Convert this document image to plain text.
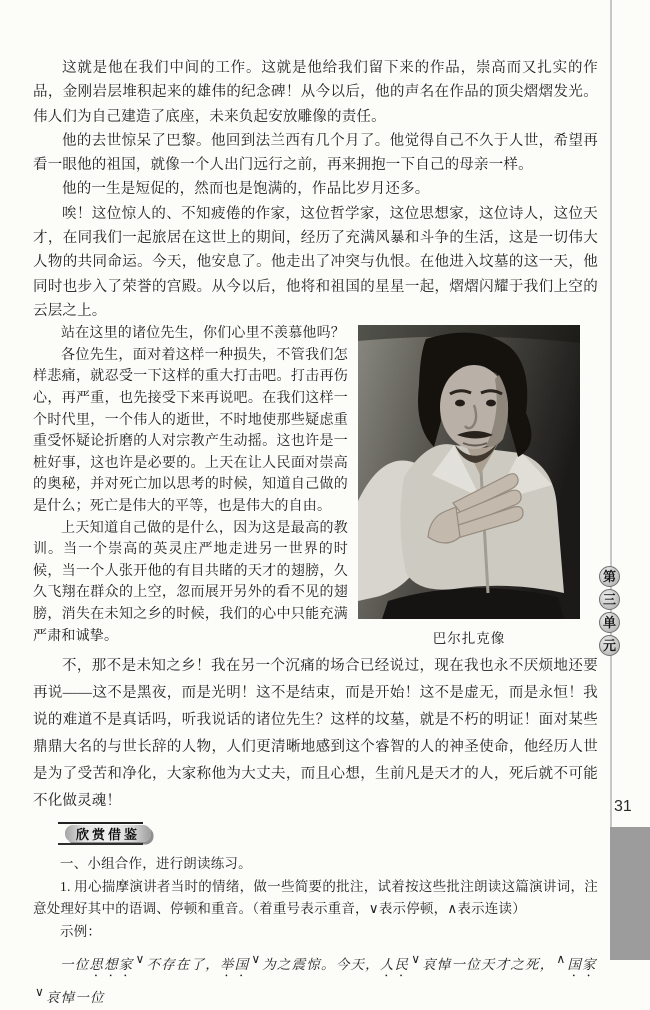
第
三
单
元
31

这就是他在我们中间的工作。这就是他给我们留下来的作品，崇高而又扎实的作品，金刚岩层堆积起来的雄伟的纪念碑！从今以后，他的声名在作品的顶尖熠熠发光。伟人们为自己建造了底座，未来负起安放雕像的责任。

他的去世惊呆了巴黎。他回到法兰西有几个月了。他觉得自己不久于人世，希望再看一眼他的祖国，就像一个人出门远行之前，再来拥抱一下自己的母亲一样。

他的一生是短促的，然而也是饱满的，作品比岁月还多。

唉！这位惊人的、不知疲倦的作家，这位哲学家，这位思想家，这位诗人，这位天才，在同我们一起旅居在这世上的期间，经历了充满风暴和斗争的生活，这是一切伟大人物的共同命运。今天，他安息了。他走出了冲突与仇恨。在他进入坟墓的这一天，他同时也步入了荣誉的宫殿。从今以后，他将和祖国的星星一起，熠熠闪耀于我们上空的云层之上。

巴尔扎克像

站在这里的诸位先生，你们心里不羡慕他吗？

各位先生，面对着这样一种损失，不管我们怎样悲痛，就忍受一下这样的重大打击吧。打击再伤心，再严重，也先接受下来再说吧。在我们这样一个时代里，一个伟人的逝世，不时地使那些疑虑重重受怀疑论折磨的人对宗教产生动摇。这也许是一桩好事，这也许是必要的。上天在让人民面对崇高的奥秘，并对死亡加以思考的时候，知道自己做的是什么；死亡是伟大的平等，也是伟大的自由。

上天知道自己做的是什么，因为这是最高的教训。当一个崇高的英灵庄严地走进另一世界的时候，当一个人张开他的有目共睹的天才的翅膀，久久飞翔在群众的上空，忽而展开另外的看不见的翅膀，消失在未知之乡的时候，我们的心中只能充满严肃和诚挚。

不，那不是未知之乡！我在另一个沉痛的场合已经说过，现在我也永不厌烦地还要再说——这不是黑夜，而是光明！这不是结束，而是开始！这不是虚无，而是永恒！我说的难道不是真话吗，听我说话的诸位先生？这样的坟墓，就是不朽的明证！面对某些鼎鼎大名的与世长辞的人物，人们更清晰地感到这个睿智的人的神圣使命，他经历人世是为了受苦和净化，大家称他为大丈夫，而且心想，生前凡是天才的人，死后就不可能不化做灵魂！

欣赏借鉴

一、小组合作，进行朗读练习。

1. 用心揣摩演讲者当时的情绪，做一些简要的批注，试着按这些批注朗读这篇演讲词，注意处理好其中的语调、停顿和重音。（着重号表示重音，∨表示停顿，∧表示连读）

示例：

一位思想家 ∨ 不存在了，举国 ∨ 为之震惊。今天，人民 ∨ 哀悼一位天才之死， ∧ 国家∨ 哀悼一位
